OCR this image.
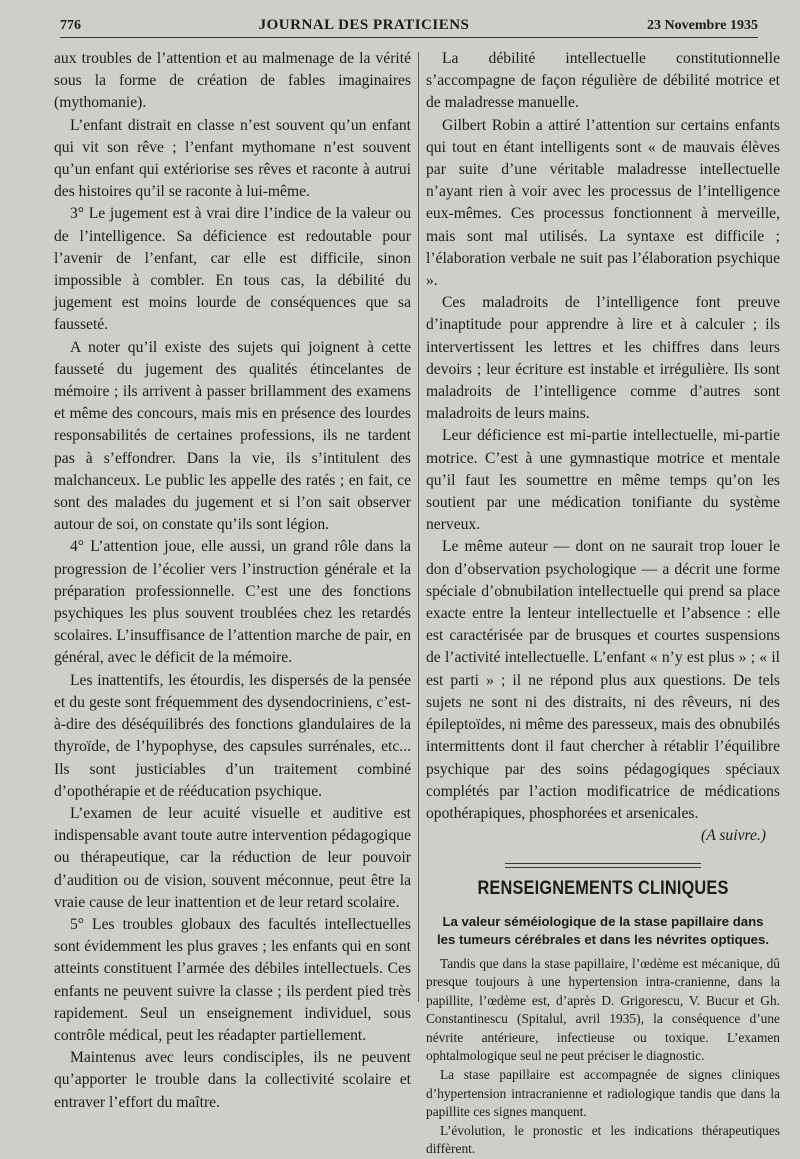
776	JOURNAL DES PRATICIENS	23 Novembre 1935

aux troubles de l’attention et au malmenage de la vérité sous la forme de création de fables imaginaires (mythomanie).

L’enfant distrait en classe n’est souvent qu’un enfant qui vit son rêve ; l’enfant mythomane n’est souvent qu’un enfant qui extériorise ses rêves et raconte à autrui des histoires qu’il se raconte à lui-même.

3° Le jugement est à vrai dire l’indice de la valeur ou de l’intelligence. Sa déficience est redoutable pour l’avenir de l’enfant, car elle est difficile, sinon impossible à combler. En tous cas, la débilité du jugement est moins lourde de conséquences que sa fausseté.

A noter qu’il existe des sujets qui joignent à cette fausseté du jugement des qualités étincelantes de mémoire ; ils arrivent à passer brillamment des examens et même des concours, mais mis en présence des lourdes responsabilités de certaines professions, ils ne tardent pas à s’effondrer. Dans la vie, ils s’intitulent des malchanceux. Le public les appelle des ratés ; en fait, ce sont des malades du jugement et si l’on sait observer autour de soi, on constate qu’ils sont légion.

4° L’attention joue, elle aussi, un grand rôle dans la progression de l’écolier vers l’instruction générale et la préparation professionnelle. C’est une des fonctions psychiques les plus souvent troublées chez les retardés scolaires. L’insuffisance de l’attention marche de pair, en général, avec le déficit de la mémoire.

Les inattentifs, les étourdis, les dispersés de la pensée et du geste sont fréquemment des dysendocriniens, c’est-à-dire des déséquilibrés des fonctions glandulaires de la thyroïde, de l’hypophyse, des capsules surrénales, etc... Ils sont justiciables d’un traitement combiné d’opothérapie et de rééducation psychique.

L’examen de leur acuité visuelle et auditive est indispensable avant toute autre intervention pédagogique ou thérapeutique, car la réduction de leur pouvoir d’audition ou de vision, souvent méconnue, peut être la vraie cause de leur inattention et de leur retard scolaire.

5° Les troubles globaux des facultés intellectuelles sont évidemment les plus graves ; les enfants qui en sont atteints constituent l’armée des débiles intellectuels. Ces enfants ne peuvent suivre la classe ; ils perdent pied très rapidement. Seul un enseignement individuel, sous contrôle médical, peut les réadapter partiellement.

Maintenus avec leurs condisciples, ils ne peuvent qu’apporter le trouble dans la collectivité scolaire et entraver l’effort du maître.

La débilité intellectuelle constitutionnelle s’accompagne de façon régulière de débilité motrice et de maladresse manuelle.

Gilbert Robin a attiré l’attention sur certains enfants qui tout en étant intelligents sont « de mauvais élèves par suite d’une véritable maladresse intellectuelle n’ayant rien à voir avec les processus de l’intelligence eux-mêmes. Ces processus fonctionnent à merveille, mais sont mal utilisés. La syntaxe est difficile ; l’élaboration verbale ne suit pas l’élaboration psychique ».

Ces maladroits de l’intelligence font preuve d’inaptitude pour apprendre à lire et à calculer ; ils intervertissent les lettres et les chiffres dans leurs devoirs ; leur écriture est instable et irrégulière. Ils sont maladroits de l’intelligence comme d’autres sont maladroits de leurs mains.

Leur déficience est mi-partie intellectuelle, mi-partie motrice. C’est à une gymnastique motrice et mentale qu’il faut les soumettre en même temps qu’on les soutient par une médication tonifiante du système nerveux.

Le même auteur — dont on ne saurait trop louer le don d’observation psychologique — a décrit une forme spéciale d’obnubilation intellectuelle qui prend sa place exacte entre la lenteur intellectuelle et l’absence : elle est caractérisée par de brusques et courtes suspensions de l’activité intellectuelle. L’enfant « n’y est plus » ; « il est parti » ; il ne répond plus aux questions. De tels sujets ne sont ni des distraits, ni des rêveurs, ni des épileptoïdes, ni même des paresseux, mais des obnubilés intermittents dont il faut chercher à rétablir l’équilibre psychique par des soins pédagogiques spéciaux complétés par l’action modificatrice de médications opothérapiques, phosphorées et arsenicales.

(A suivre.)
RENSEIGNEMENTS CLINIQUES
La valeur séméiologique de la stase papillaire dans les tumeurs cérébrales et dans les névrites optiques.

Tandis que dans la stase papillaire, l’œdème est mécanique, dû presque toujours à une hypertension intra-cranienne, dans la papillite, l’œdème est, d’après D. Grigorescu, V. Bucur et Gh. Constantinescu (Spitalul, avril 1935), la conséquence d’une névrite antérieure, infectieuse ou toxique. L’examen ophtalmologique seul ne peut préciser le diagnostic.

La stase papillaire est accompagnée de signes cliniques d’hypertension intracranienne et radiologique tandis que dans la papillite ces signes manquent.

L’évolution, le pronostic et les indications thérapeutiques diffèrent.
